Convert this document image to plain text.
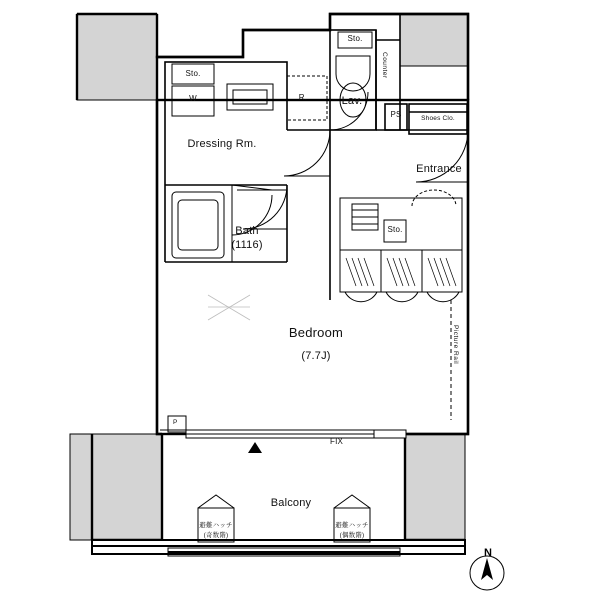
Bedroom
(7.7J)
Dressing Rm.
Bath
(1116)
Lav.
Entrance
Balcony
Sto.
Sto.
W	R.
Counter
PS	Shoes Clo.
Sto.
P
FIX
Picture Rail
避難ハッチ
(奇数階)
避難ハッチ
(偶数階)
N
